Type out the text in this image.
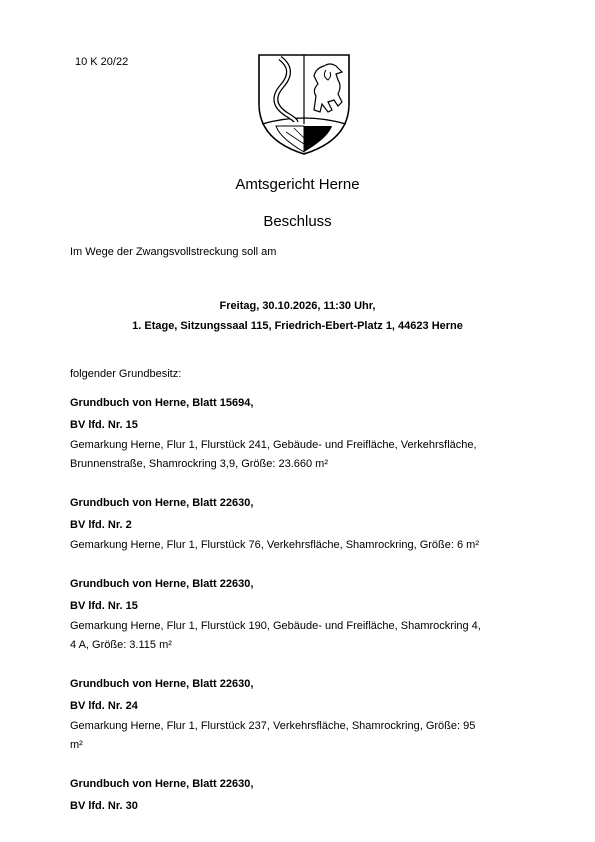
10 K 20/22
Amtsgericht Herne
Beschluss
Im Wege der Zwangsvollstreckung soll am
Freitag, 30.10.2026, 11:30 Uhr,
1. Etage, Sitzungssaal 115, Friedrich-Ebert-Platz 1, 44623 Herne
folgender Grundbesitz:
Grundbuch von Herne, Blatt 15694,
BV lfd. Nr. 15
Gemarkung Herne, Flur 1, Flurstück 241, Gebäude- und Freifläche, Verkehrsfläche,
Brunnenstraße, Shamrockring 3,9, Größe: 23.660 m²
Grundbuch von Herne, Blatt 22630,
BV lfd. Nr. 2
Gemarkung Herne, Flur 1, Flurstück 76, Verkehrsfläche, Shamrockring, Größe: 6 m²
Grundbuch von Herne, Blatt 22630,
BV lfd. Nr. 15
Gemarkung Herne, Flur 1, Flurstück 190, Gebäude- und Freifläche, Shamrockring 4,
4 A, Größe: 3.115 m²
Grundbuch von Herne, Blatt 22630,
BV lfd. Nr. 24
Gemarkung Herne, Flur 1, Flurstück 237, Verkehrsfläche, Shamrockring, Größe: 95
m²
Grundbuch von Herne, Blatt 22630,
BV lfd. Nr. 30
